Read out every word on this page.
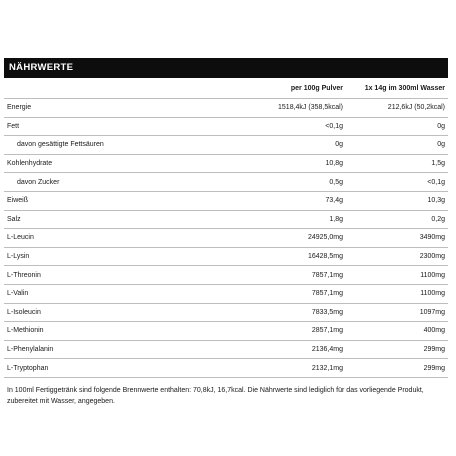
NÄHRWERTE
	per 100g Pulver	1x 14g im 300ml Wasser
Energie	1518,4kJ (358,5kcal)	212,6kJ (50,2kcal)
Fett	<0,1g	0g
davon gesättigte Fettsäuren	0g	0g
Kohlenhydrate	10,8g	1,5g
davon Zucker	0,5g	<0,1g
Eiweiß	73,4g	10,3g
Salz	1,8g	0,2g
L-Leucin	24925,0mg	3490mg
L-Lysin	16428,5mg	2300mg
L-Threonin	7857,1mg	1100mg
L-Valin	7857,1mg	1100mg
L-Isoleucin	7833,5mg	1097mg
L-Methionin	2857,1mg	400mg
L-Phenylalanin	2136,4mg	299mg
L-Tryptophan	2132,1mg	299mg
In 100ml Fertiggetränk sind folgende Brennwerte enthalten: 70,8kJ, 16,7kcal. Die Nährwerte sind lediglich für das vorliegende Produkt, zubereitet mit Wasser, angegeben.
